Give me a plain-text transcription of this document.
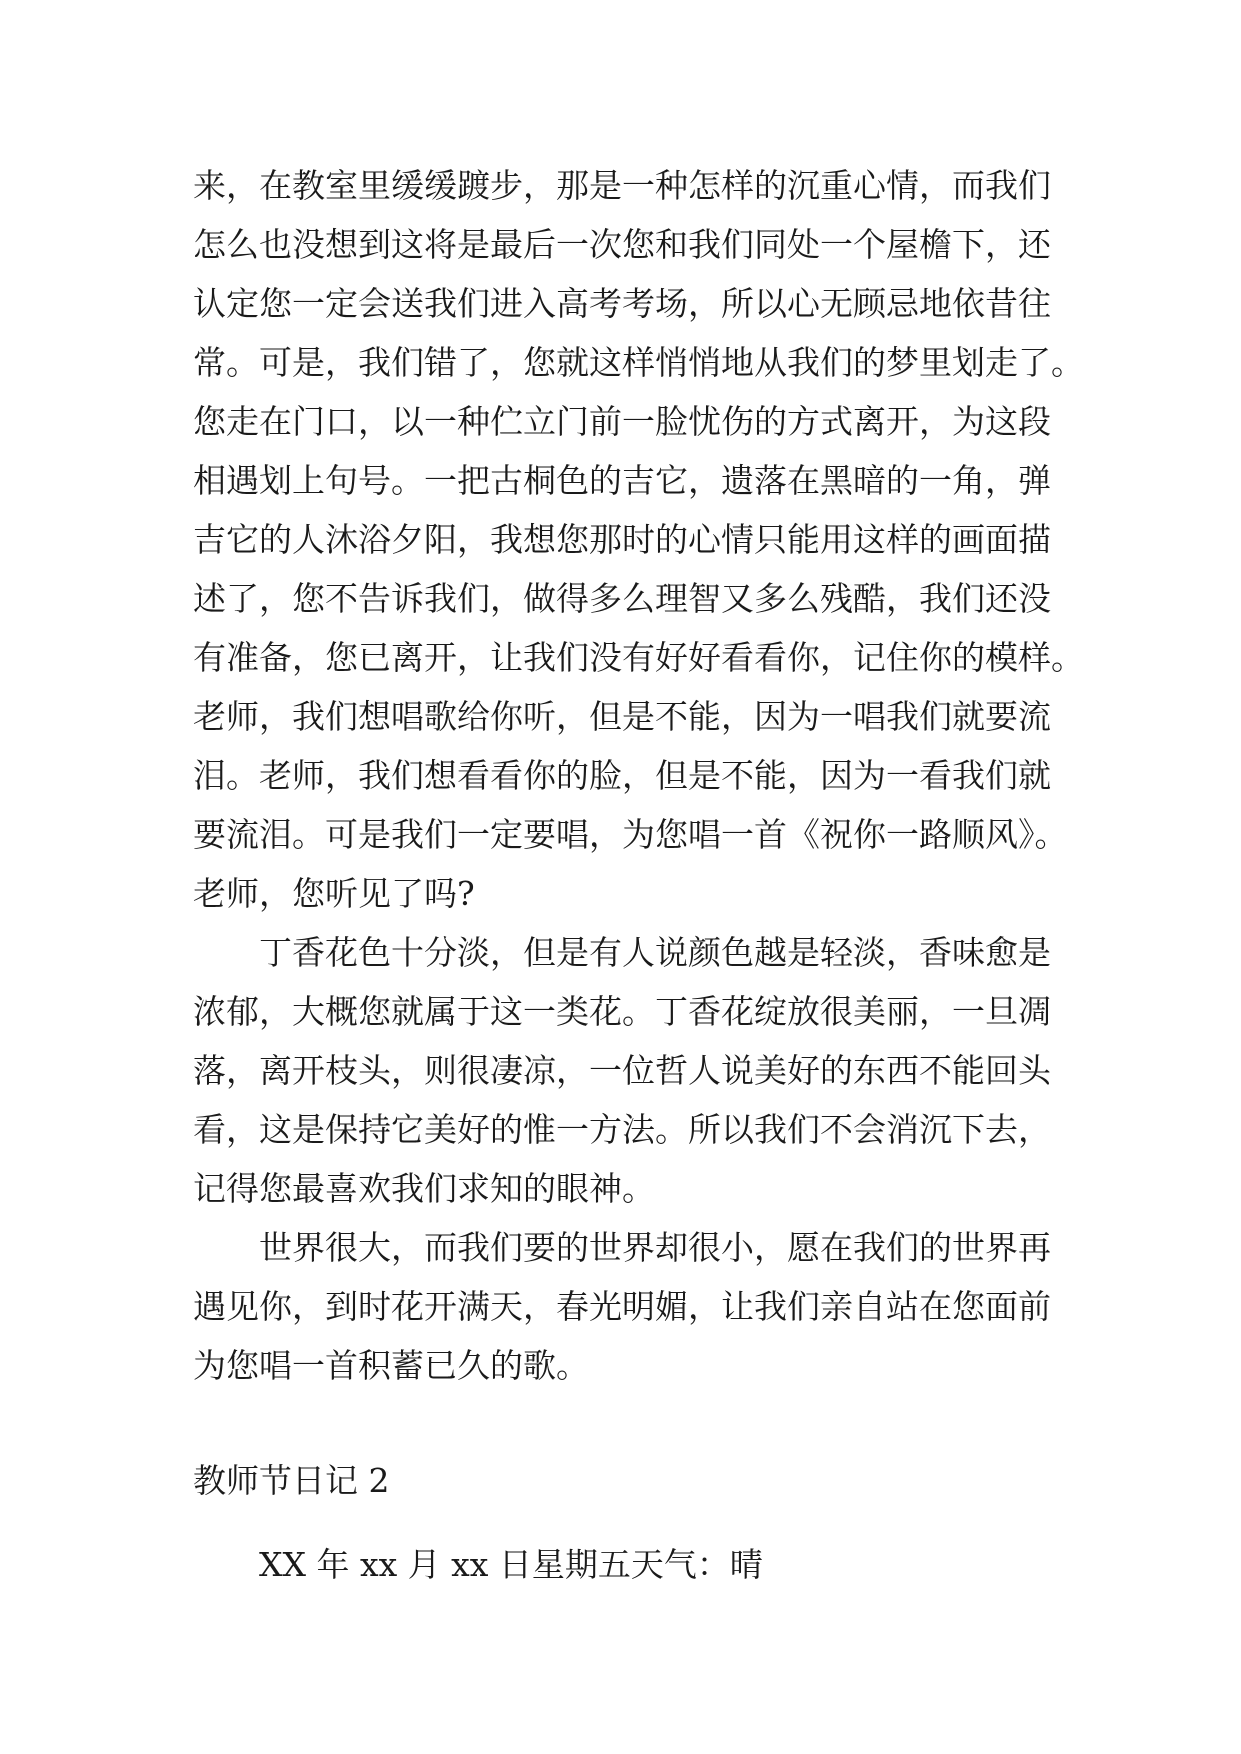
来，在教室里缓缓踱步，那是一种怎样的沉重心情，而我们
怎么也没想到这将是最后一次您和我们同处一个屋檐下，还
认定您一定会送我们进入高考考场，所以心无顾忌地依昔往
常。可是，我们错了，您就这样悄悄地从我们的梦里划走了。
您走在门口，以一种伫立门前一脸忧伤的方式离开，为这段
相遇划上句号。一把古桐色的吉它，遗落在黑暗的一角，弹
吉它的人沐浴夕阳，我想您那时的心情只能用这样的画面描
述了，您不告诉我们，做得多么理智又多么残酷，我们还没
有准备，您已离开，让我们没有好好看看你，记住你的模样。
老师，我们想唱歌给你听，但是不能，因为一唱我们就要流
泪。老师，我们想看看你的脸，但是不能，因为一看我们就
要流泪。可是我们一定要唱，为您唱一首《祝你一路顺风》。
老师，您听见了吗?
丁香花色十分淡，但是有人说颜色越是轻淡，香味愈是
浓郁，大概您就属于这一类花。丁香花绽放很美丽，一旦凋
落，离开枝头，则很凄凉，一位哲人说美好的东西不能回头
看，这是保持它美好的惟一方法。所以我们不会消沉下去，
记得您最喜欢我们求知的眼神。
世界很大，而我们要的世界却很小，愿在我们的世界再
遇见你，到时花开满天，春光明媚，让我们亲自站在您面前
为您唱一首积蓄已久的歌。
教师节日记 2
XX 年 xx 月 xx 日星期五天气：晴
